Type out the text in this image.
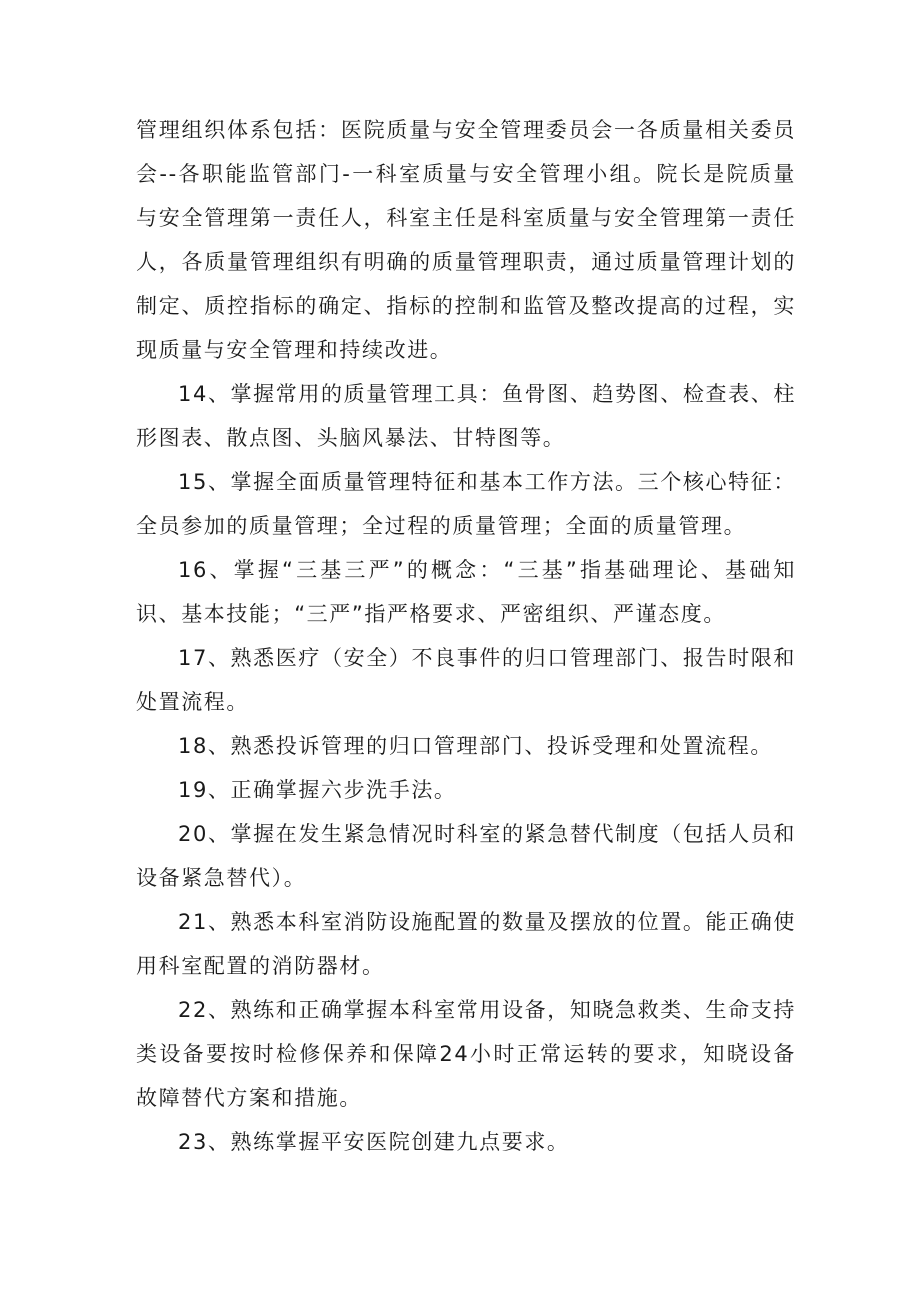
管理组织体系包括：医院质量与安全管理委员会一各质量相关委员会--各职能监管部门-一科室质量与安全管理小组。院长是院质量与安全管理第一责任人，科室主任是科室质量与安全管理第一责任人，各质量管理组织有明确的质量管理职责，通过质量管理计划的制定、质控指标的确定、指标的控制和监管及整改提高的过程，实现质量与安全管理和持续改进。

14、掌握常用的质量管理工具：鱼骨图、趋势图、检查表、柱形图表、散点图、头脑风暴法、甘特图等。

15、掌握全面质量管理特征和基本工作方法。三个核心特征：全员参加的质量管理；全过程的质量管理；全面的质量管理。

16、掌握“三基三严”的概念：“三基”指基础理论、基础知识、基本技能；“三严”指严格要求、严密组织、严谨态度。

17、熟悉医疗（安全）不良事件的归口管理部门、报告时限和处置流程。

18、熟悉投诉管理的归口管理部门、投诉受理和处置流程。

19、正确掌握六步洗手法。

20、掌握在发生紧急情况时科室的紧急替代制度（包括人员和设备紧急替代）。

21、熟悉本科室消防设施配置的数量及摆放的位置。能正确使用科室配置的消防器材。

22、熟练和正确掌握本科室常用设备，知晓急救类、生命支持类设备要按时检修保养和保障24小时正常运转的要求，知晓设备故障替代方案和措施。

23、熟练掌握平安医院创建九点要求。
